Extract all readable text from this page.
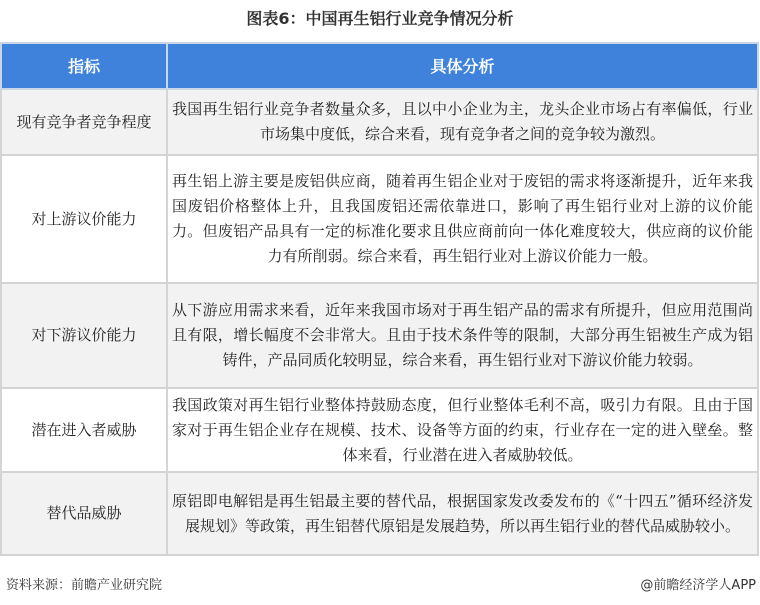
图表6：中国再生铝行业竞争情况分析
指标	具体分析
现有竞争者竞争程度	我国再生铝行业竞争者数量众多，且以中小企业为主，龙头企业市场占有率偏低，行业市场集中度低，综合来看，现有竞争者之间的竞争较为激烈。
对上游议价能力	再生铝上游主要是废铝供应商，随着再生铝企业对于废铝的需求将逐渐提升，近年来我国废铝价格整体上升，且我国废铝还需依靠进口，影响了再生铝行业对上游的议价能力。但废铝产品具有一定的标准化要求且供应商前向一体化难度较大，供应商的议价能力有所削弱。综合来看，再生铝行业对上游议价能力一般。
对下游议价能力	从下游应用需求来看，近年来我国市场对于再生铝产品的需求有所提升，但应用范围尚且有限，增长幅度不会非常大。且由于技术条件等的限制，大部分再生铝被生产成为铝铸件，产品同质化较明显，综合来看，再生铝行业对下游议价能力较弱。
潜在进入者威胁	我国政策对再生铝行业整体持鼓励态度，但行业整体毛利不高，吸引力有限。且由于国家对于再生铝企业存在规模、技术、设备等方面的约束，行业存在一定的进入壁垒。整体来看，行业潜在进入者威胁较低。
替代品威胁	原铝即电解铝是再生铝最主要的替代品，根据国家发改委发布的《“十四五”循环经济发展规划》等政策，再生铝替代原铝是发展趋势，所以再生铝行业的替代品威胁较小。
资料来源：前瞻产业研究院	@前瞻经济学人APP
